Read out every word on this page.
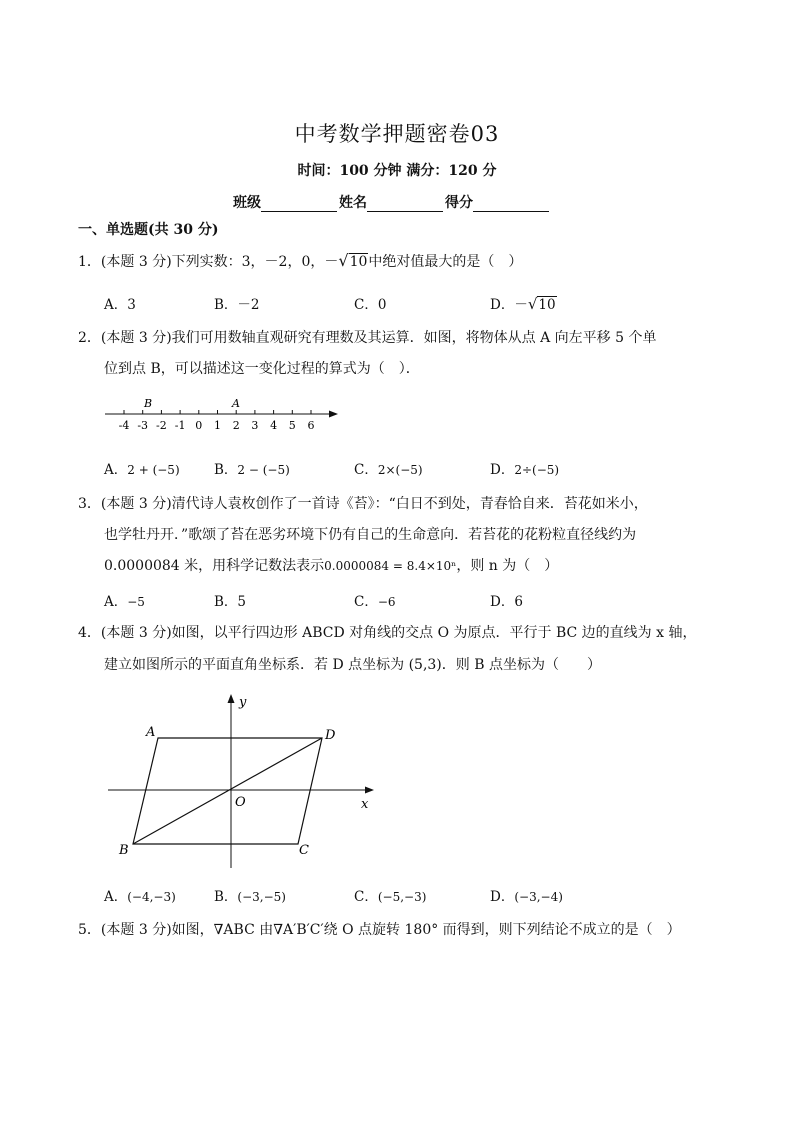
中考数学押题密卷03
时间：100 分钟 满分：120 分
班级	姓名	得分
一、单选题(共 30 分)
1．(本题 3 分)下列实数：3，－2，0，－√10中绝对值最大的是（　）
A．3	B．－2	C．0	D．－√10
2．(本题 3 分)我们可用数轴直观研究有理数及其运算．如图，将物体从点 A 向左平移 5 个单
位到点 B，可以描述这一变化过程的算式为（　）．
-4 -3 -2 -1 0 1 2 3 4 5 6
B	A
A．2 + (−5)	B．2 − (−5)	C．2×(−5)	D．2÷(−5)
3．(本题 3 分)清代诗人袁枚创作了一首诗《苔》：“白日不到处，青春恰自来．苔花如米小，
也学牡丹开．”歌颂了苔在恶劣环境下仍有自己的生命意向．若苔花的花粉粒直径线约为
0.0000084 米，用科学记数法表示0.0000084 = 8.4×10ⁿ，则 n 为（　）
A．−5	B．5	C．−6	D．6
4．(本题 3 分)如图，以平行四边形 ABCD 对角线的交点 O 为原点．平行于 BC 边的直线为 x 轴，
建立如图所示的平面直角坐标系．若 D 点坐标为 (5,3)．则 B 点坐标为（　　）
A	D
B	C
O	x
y
A．(−4,−3)	B．(−3,−5)	C．(−5,−3)	D．(−3,−4)
5．(本题 3 分)如图，∇ABC 由∇A′B′C′绕 O 点旋转 180° 而得到，则下列结论不成立的是（　）
